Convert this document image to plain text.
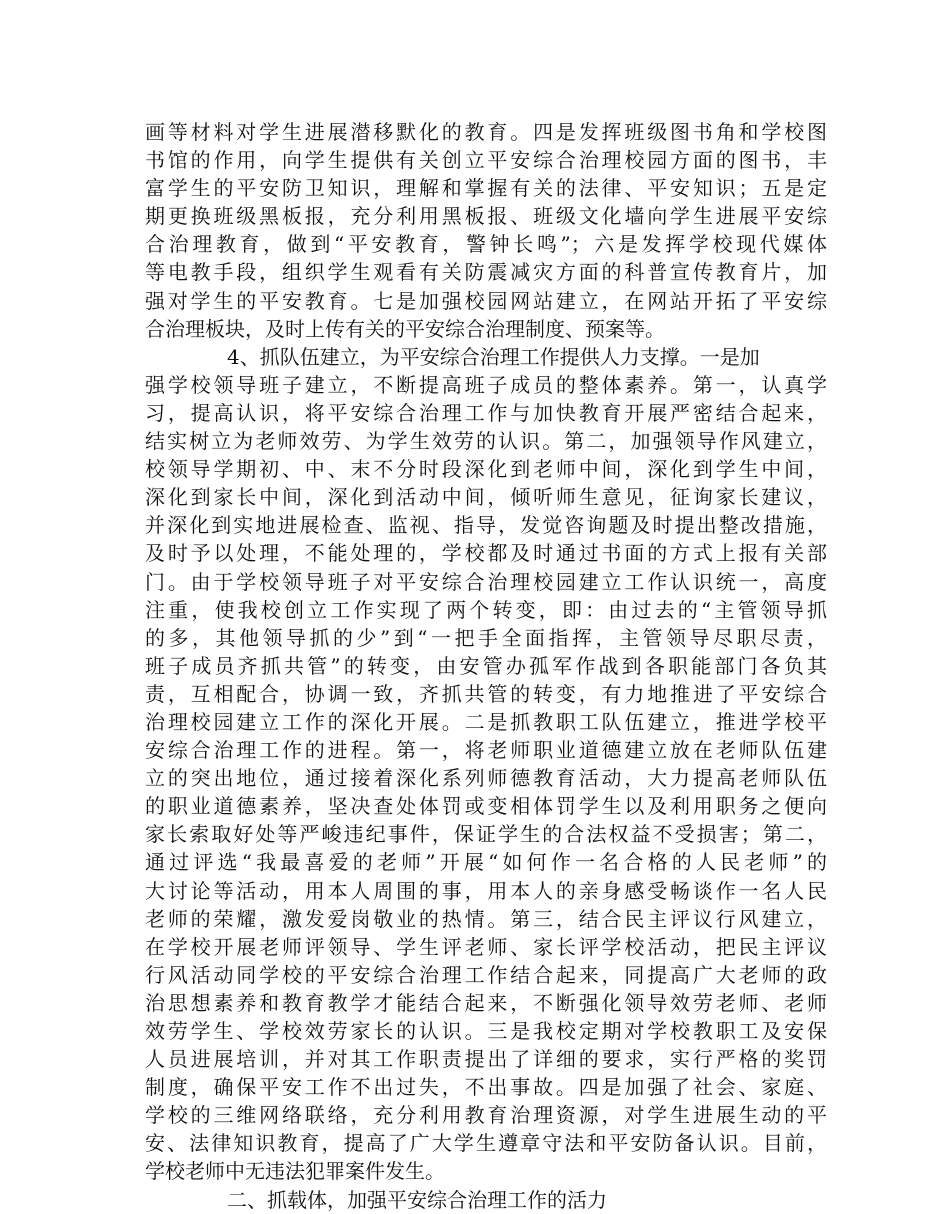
画等材料对学生进展潜移默化的教育。四是发挥班级图书角和学校图
书馆的作用，向学生提供有关创立平安综合治理校园方面的图书，丰
富学生的平安防卫知识，理解和掌握有关的法律、平安知识；五是定
期更换班级黑板报，充分利用黑板报、班级文化墙向学生进展平安综
合治理教育，做到“平安教育，警钟长鸣”；六是发挥学校现代媒体
等电教手段，组织学生观看有关防震减灾方面的科普宣传教育片，加
强对学生的平安教育。七是加强校园网站建立，在网站开拓了平安综
合治理板块，及时上传有关的平安综合治理制度、预案等。
4、抓队伍建立，为平安综合治理工作提供人力支撑。一是加
强学校领导班子建立，不断提高班子成员的整体素养。第一，认真学
习，提高认识，将平安综合治理工作与加快教育开展严密结合起来，
结实树立为老师效劳、为学生效劳的认识。第二，加强领导作风建立，
校领导学期初、中、末不分时段深化到老师中间，深化到学生中间，
深化到家长中间，深化到活动中间，倾听师生意见，征询家长建议，
并深化到实地进展检查、监视、指导，发觉咨询题及时提出整改措施，
及时予以处理，不能处理的，学校都及时通过书面的方式上报有关部
门。由于学校领导班子对平安综合治理校园建立工作认识统一，高度
注重，使我校创立工作实现了两个转变，即：由过去的“主管领导抓
的多，其他领导抓的少”到“一把手全面指挥，主管领导尽职尽责，
班子成员齐抓共管”的转变，由安管办孤军作战到各职能部门各负其
责，互相配合，协调一致，齐抓共管的转变，有力地推进了平安综合
治理校园建立工作的深化开展。二是抓教职工队伍建立，推进学校平
安综合治理工作的进程。第一，将老师职业道德建立放在老师队伍建
立的突出地位，通过接着深化系列师德教育活动，大力提高老师队伍
的职业道德素养，坚决查处体罚或变相体罚学生以及利用职务之便向
家长索取好处等严峻违纪事件，保证学生的合法权益不受损害；第二，
通过评选“我最喜爱的老师”开展“如何作一名合格的人民老师”的
大讨论等活动，用本人周围的事，用本人的亲身感受畅谈作一名人民
老师的荣耀，激发爱岗敬业的热情。第三，结合民主评议行风建立，
在学校开展老师评领导、学生评老师、家长评学校活动，把民主评议
行风活动同学校的平安综合治理工作结合起来，同提高广大老师的政
治思想素养和教育教学才能结合起来，不断强化领导效劳老师、老师
效劳学生、学校效劳家长的认识。三是我校定期对学校教职工及安保
人员进展培训，并对其工作职责提出了详细的要求，实行严格的奖罚
制度，确保平安工作不出过失，不出事故。四是加强了社会、家庭、
学校的三维网络联络，充分利用教育治理资源，对学生进展生动的平
安、法律知识教育，提高了广大学生遵章守法和平安防备认识。目前，
学校老师中无违法犯罪案件发生。
二、抓载体，加强平安综合治理工作的活力
